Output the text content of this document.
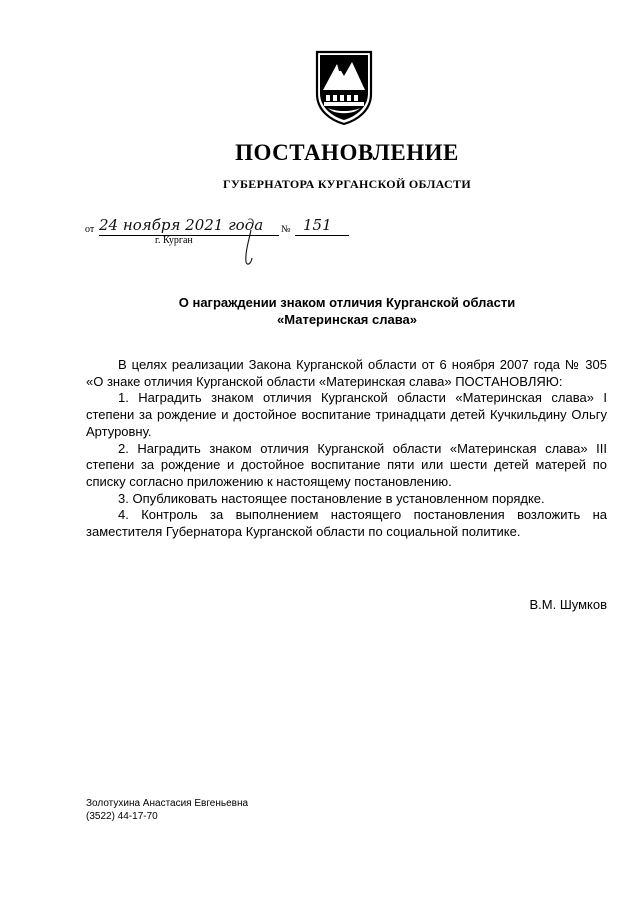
ПОСТАНОВЛЕНИЕ
ГУБЕРНАТОРА КУРГАНСКОЙ ОБЛАСТИ
от 24 ноября 2021 года	№ 151
г. Курган
О награждении знаком отличия Курганской области
«Материнская слава»

В целях реализации Закона Курганской области от 6 ноября 2007 года № 305 «О знаке отличия Курганской области «Материнская слава» ПОСТАНОВЛЯЮ:

1. Наградить знаком отличия Курганской области «Материнская слава» I степени за рождение и достойное воспитание тринадцати детей Кучкильдину Ольгу Артуровну.

2. Наградить знаком отличия Курганской области «Материнская слава» III степени за рождение и достойное воспитание пяти или шести детей матерей по списку согласно приложению к настоящему постановлению.

3. Опубликовать настоящее постановление в установленном порядке.

4. Контроль за выполнением настоящего постановления возложить на заместителя Губернатора Курганской области по социальной политике.

В.М. Шумков
Золотухина Анастасия Евгеньевна
(3522) 44-17-70
